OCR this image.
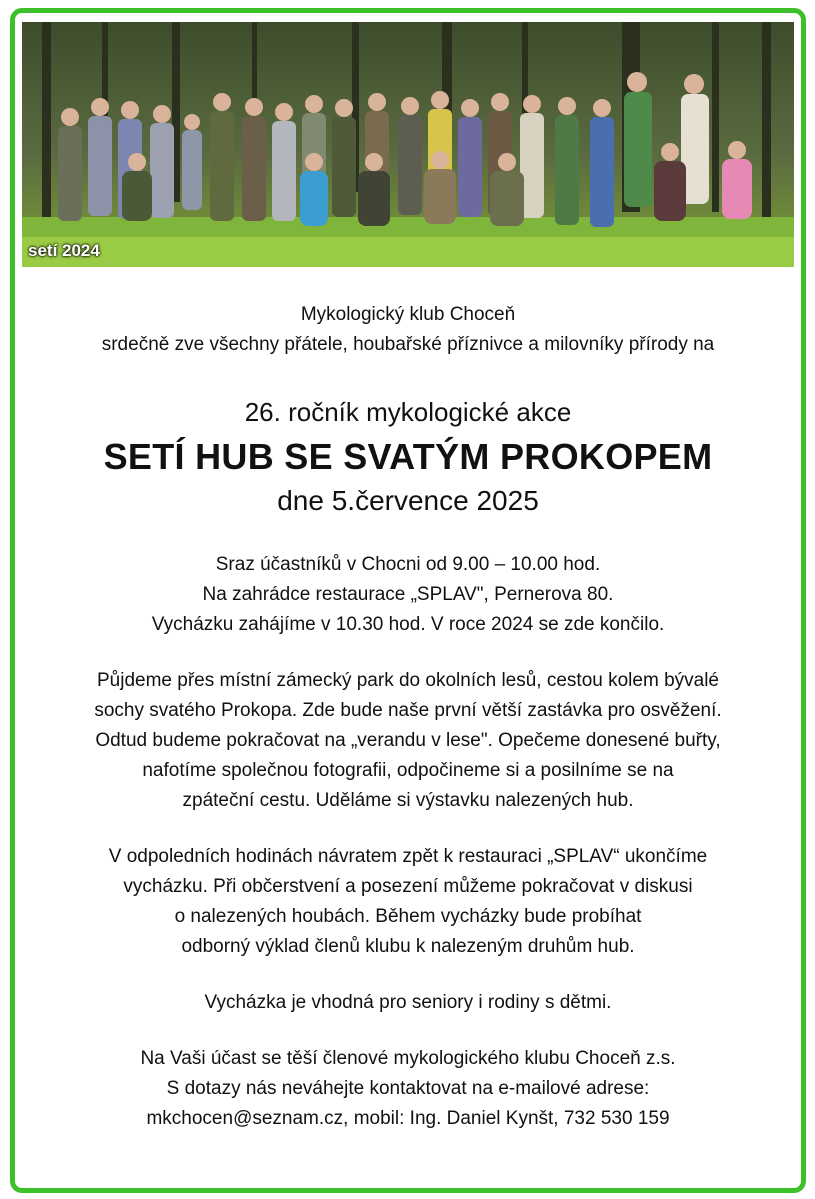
setí 2024

Mykologický klub Choceň

srdečně zve všechny přátele, houbařské příznivce a milovníky přírody na

26. ročník mykologické akce

SETÍ HUB SE SVATÝM PROKOPEM

dne 5.července 2025

Sraz účastníků v Chocni od 9.00 – 10.00 hod.

Na zahrádce restaurace „SPLAV", Pernerova 80.

Vycházku zahájíme v 10.30 hod. V roce 2024 se zde končilo.

Půjdeme přes místní zámecký park do okolních lesů, cestou kolem bývalé

sochy svatého Prokopa. Zde bude naše první větší zastávka pro osvěžení.

Odtud budeme pokračovat na „verandu v lese". Opečeme donesené buřty,

nafotíme společnou fotografii, odpočineme si a posilníme se na

zpáteční cestu. Uděláme si výstavku nalezených hub.

V odpoledních hodinách návratem zpět k restauraci „SPLAV“ ukončíme

vycházku. Při občerstvení a posezení můžeme pokračovat v diskusi

o nalezených houbách. Během vycházky bude probíhat

odborný výklad členů klubu k nalezeným druhům hub.

Vycházka je vhodná pro seniory i rodiny s dětmi.

Na Vaši účast se těší členové mykologického klubu Choceň z.s.

S dotazy nás neváhejte kontaktovat na e-mailové adrese:

mkchocen@seznam.cz, mobil: Ing. Daniel Kynšt, 732 530 159
